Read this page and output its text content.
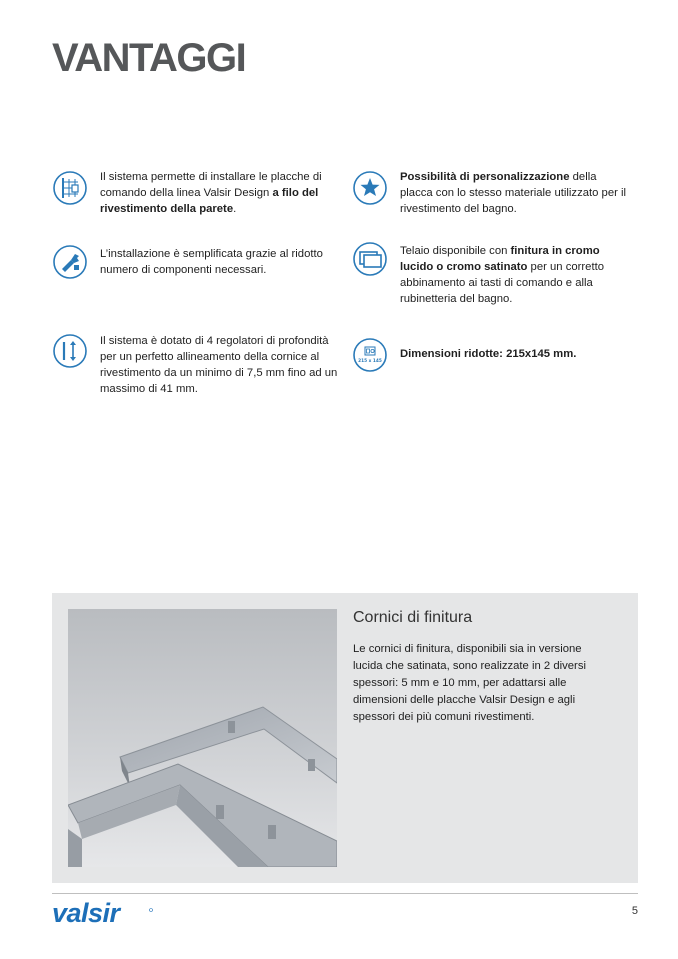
VANTAGGI
Il sistema permette di installare le placche di comando della linea Valsir Design a filo del rivestimento della parete.
L’installazione è semplificata grazie al ridotto numero di componenti necessari.
Il sistema è dotato di 4 regolatori di profondità per un perfetto allineamento della cornice al rivestimento da un minimo di 7,5 mm fino ad un massimo di 41 mm.
Possibilità di personalizzazione della placca con lo stesso materiale utilizzato per il rivestimento del bagno.
Telaio disponibile con finitura in cromo lucido o cromo satinato per un corretto abbinamento ai tasti di comando e alla rubinetteria del bagno.
215 x 145
Dimensioni ridotte: 215x145 mm.
Cornici di finitura
Le cornici di finitura, disponibili sia in versione lucida che satinata, sono realizzate in 2 diversi spessori: 5 mm e 10 mm, per adattarsi alle dimensioni delle placche Valsir Design e agli spessori dei più comuni rivestimenti.
valsir	5
